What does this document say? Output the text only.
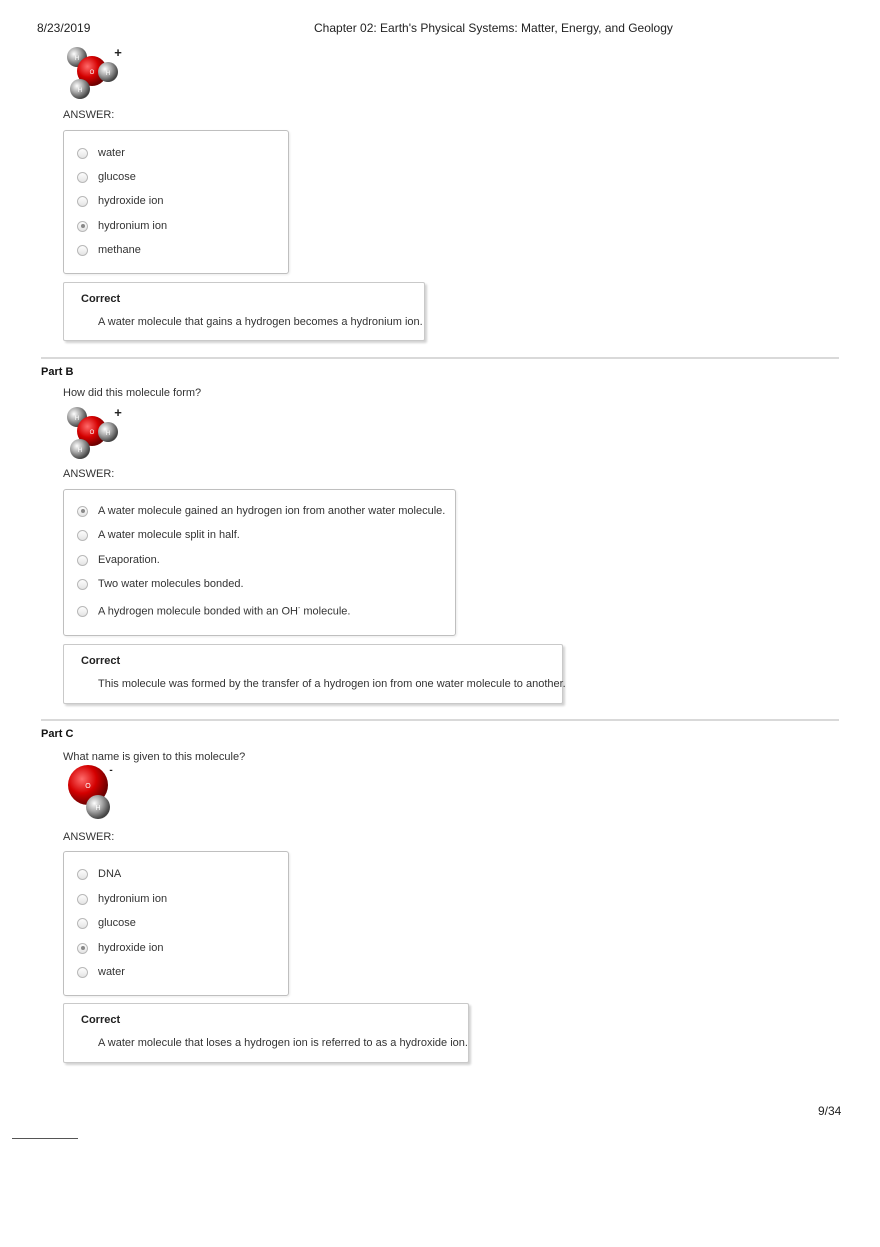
8/23/2019	Chapter 02: Earth's Physical Systems: Matter, Energy, and Geology
H
O H
H
+
ANSWER:
water
glucose
hydroxide ion
hydronium ion
methane
Correct
A water molecule that gains a hydrogen becomes a hydronium ion.
Part B
How did this molecule form?
H
O H
H
+
ANSWER:
A water molecule gained an hydrogen ion from another water molecule.
A water molecule split in half.
Evaporation.
Two water molecules bonded.
A hydrogen molecule bonded with an OH- molecule.
Correct
This molecule was formed by the transfer of a hydrogen ion from one water molecule to another.
Part C
What name is given to this molecule?
O
H
-
ANSWER:
DNA
hydronium ion
glucose
hydroxide ion
water
Correct
A water molecule that loses a hydrogen ion is referred to as a hydroxide ion.
9/34
